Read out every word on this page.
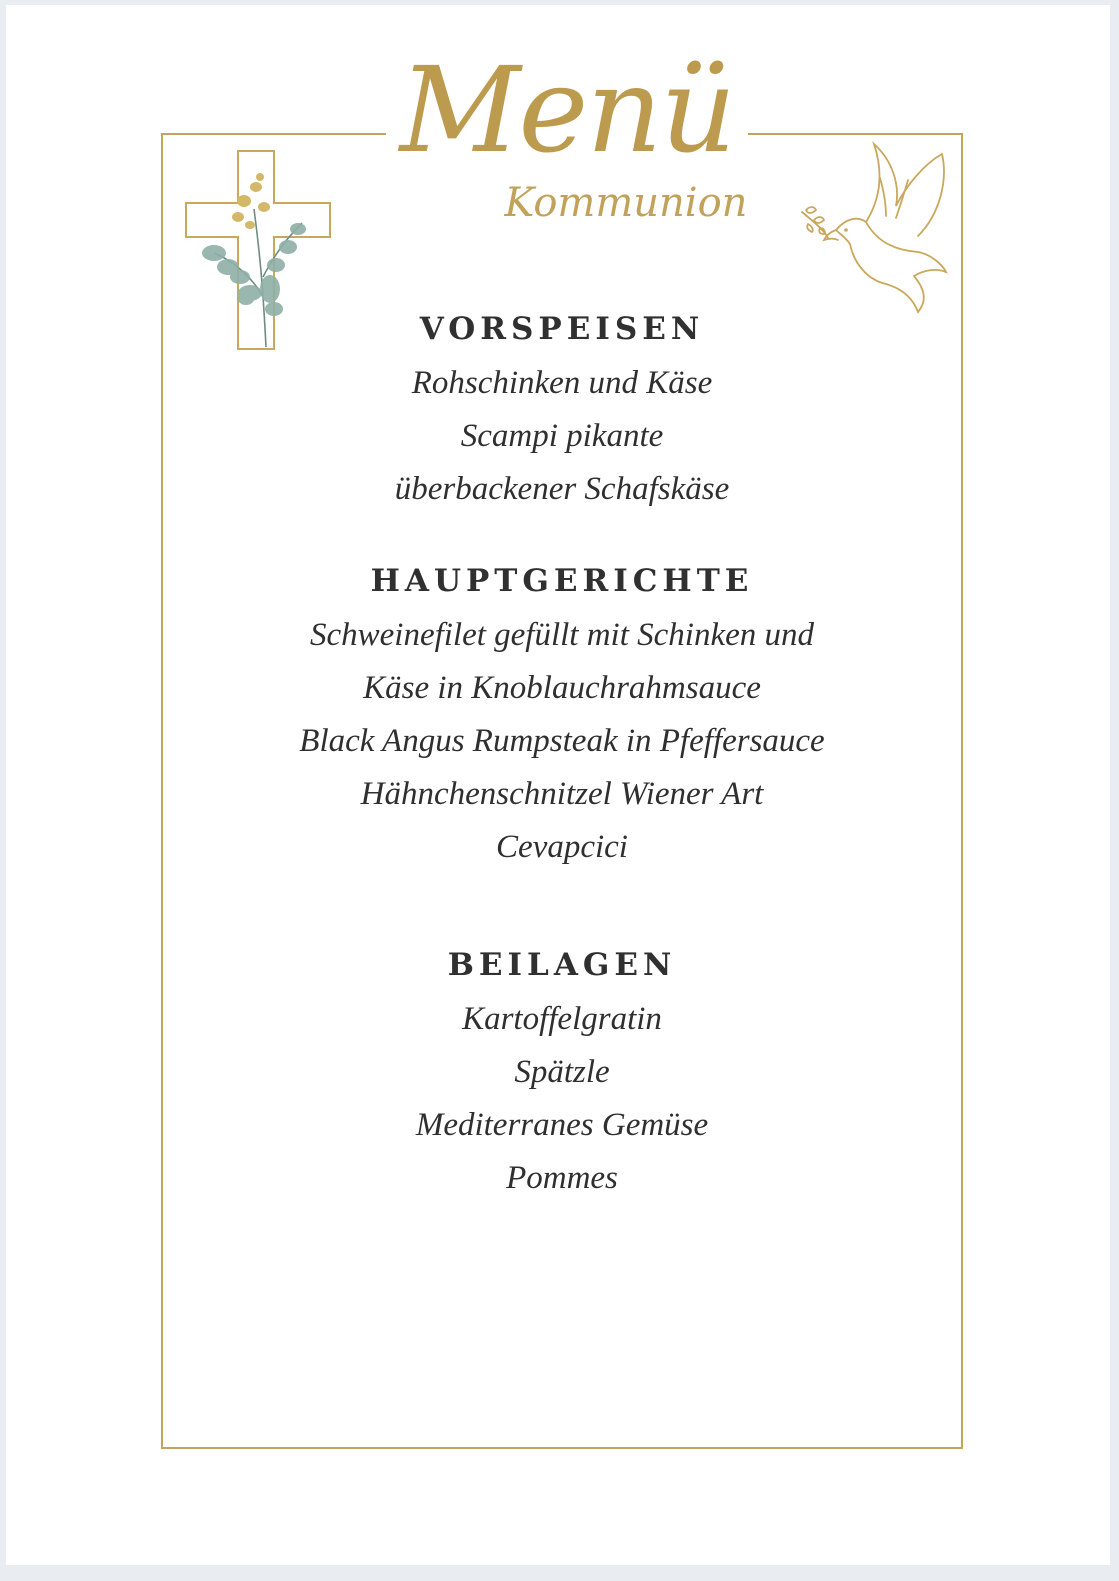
Menü
Kommunion
VORSPEISEN
Rohschinken und Käse
Scampi pikante
überbackener Schafskäse
HAUPTGERICHTE
Schweinefilet gefüllt mit Schinken und
Käse in Knoblauchrahmsauce
Black Angus Rumpsteak in Pfeffersauce
Hähnchenschnitzel Wiener Art
Cevapcici
BEILAGEN
Kartoffelgratin
Spätzle
Mediterranes Gemüse
Pommes
